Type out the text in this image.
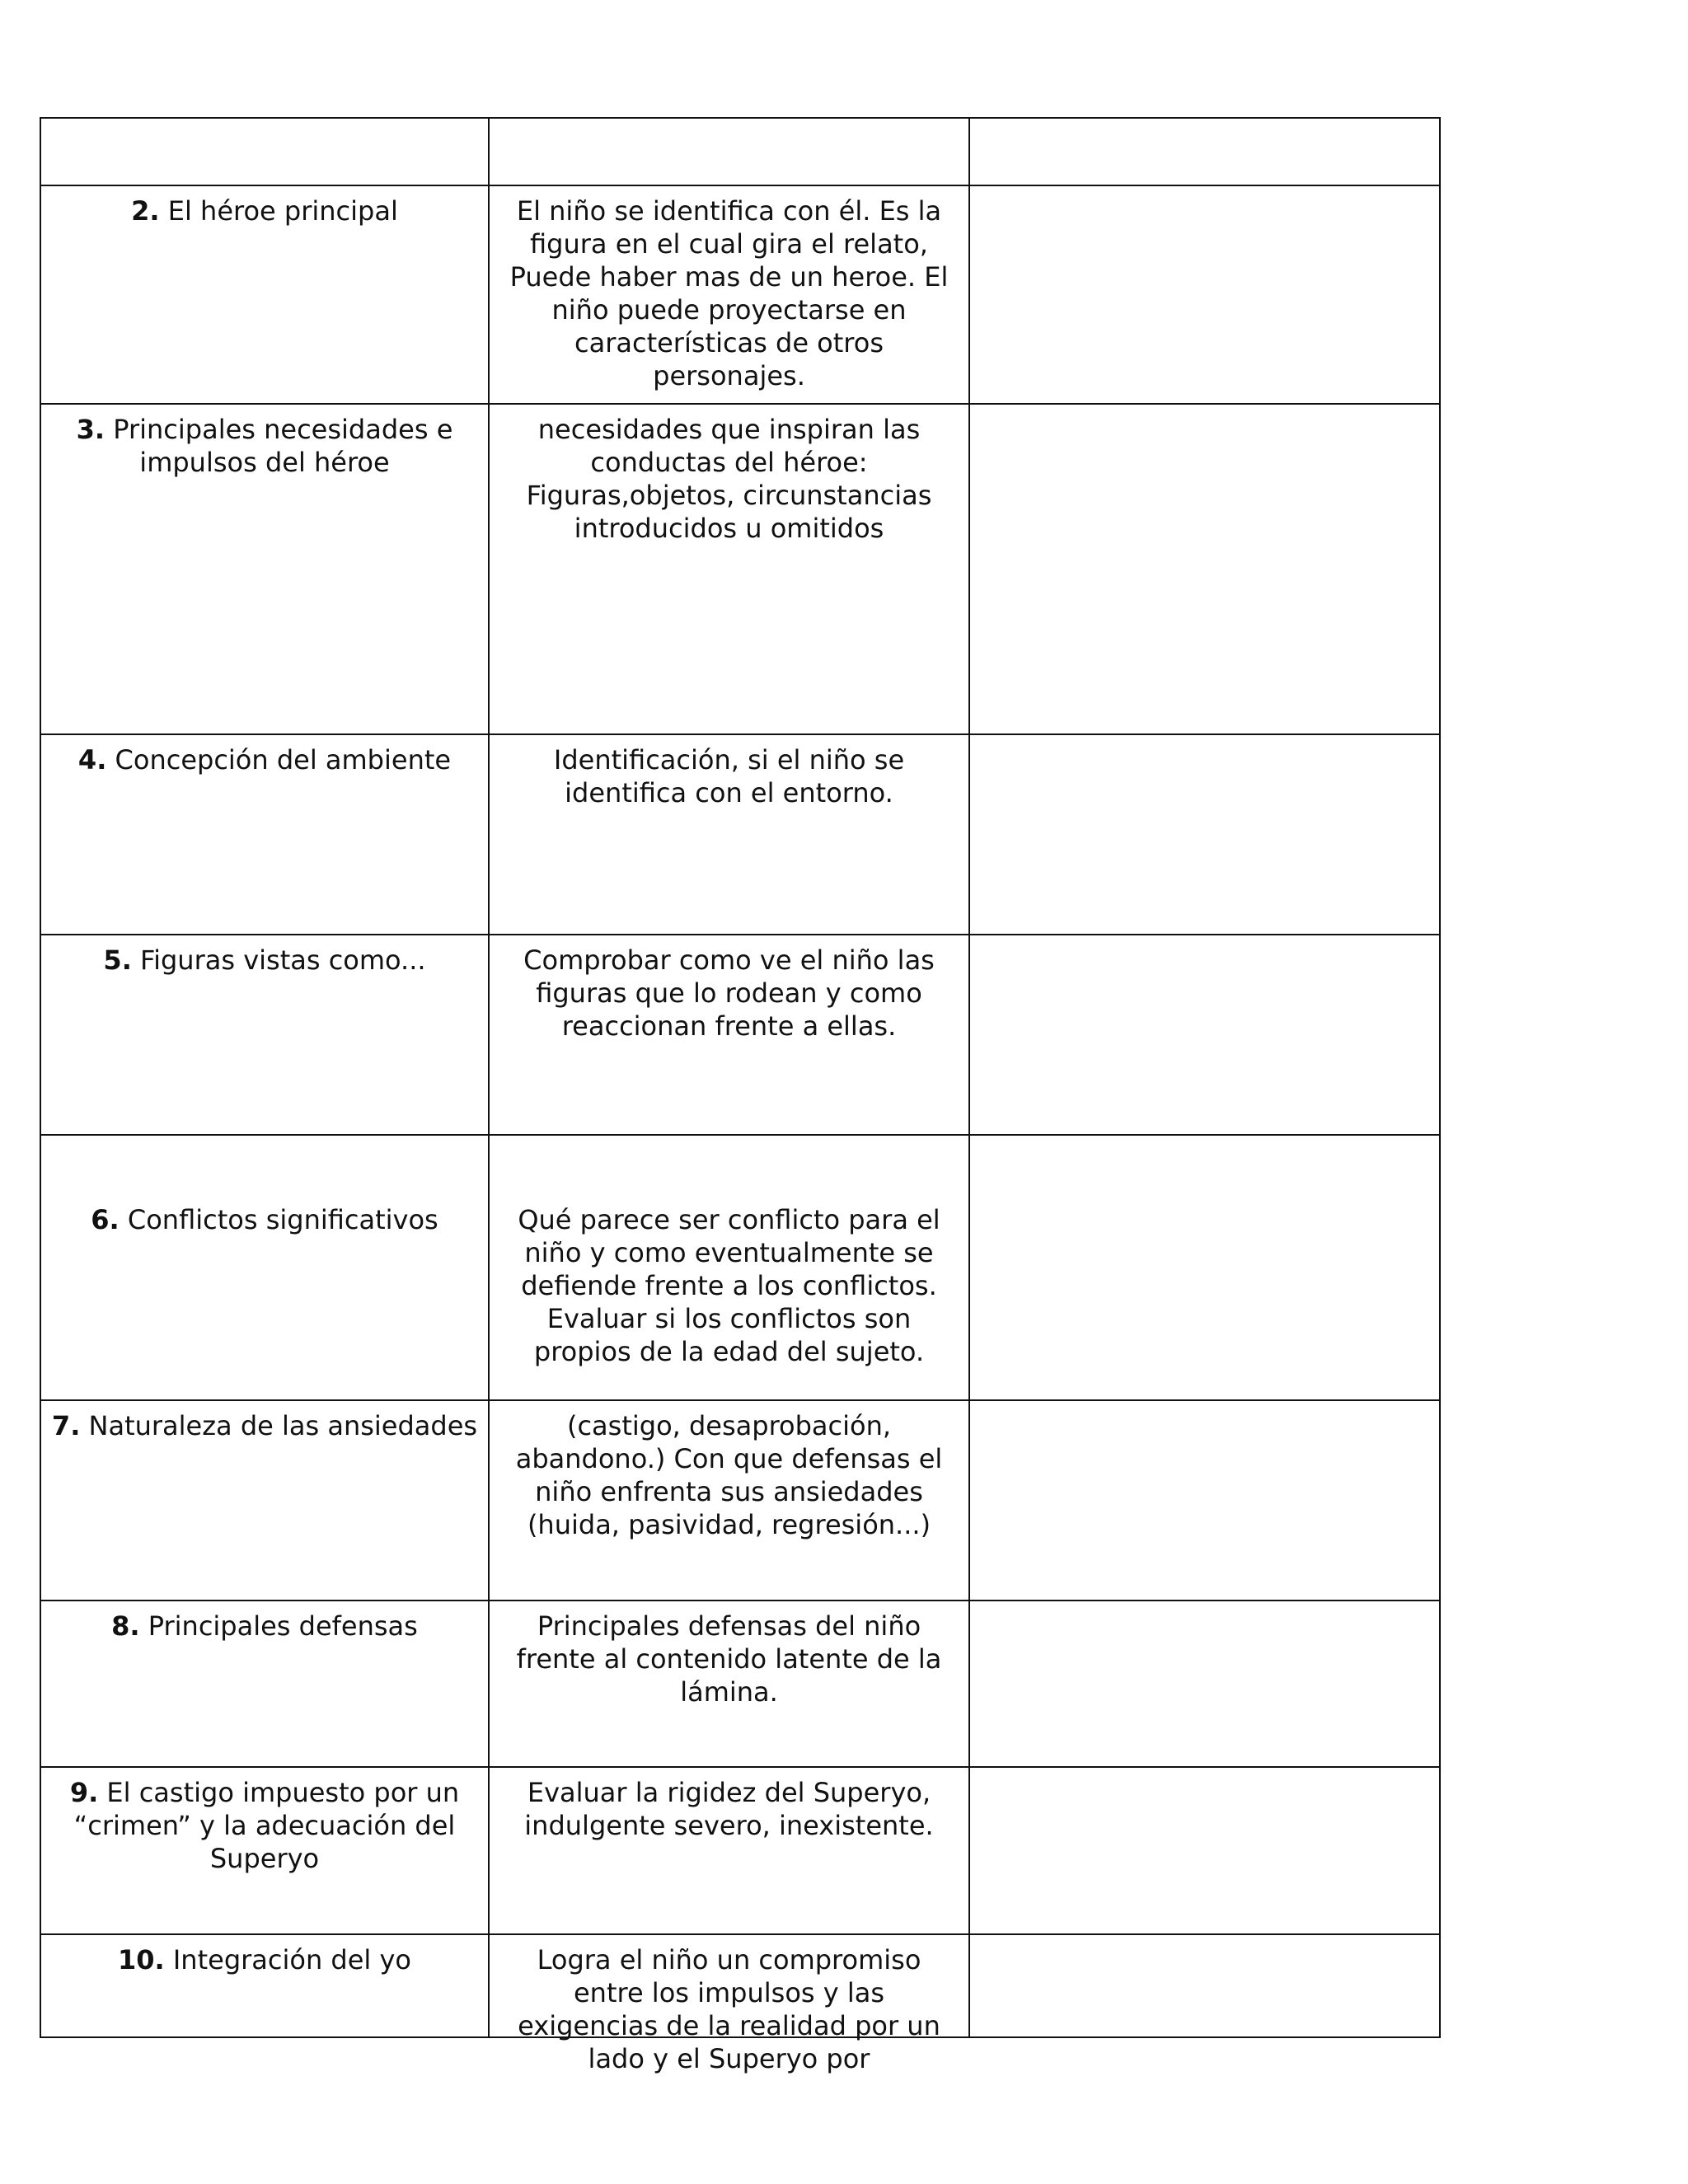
2. El héroe principal	El niño se identifica con él. Es la figura en el cual gira el relato, Puede haber mas de un heroe. El niño puede proyectarse en características de otros personajes.	
3. Principales necesidades e impulsos del héroe	necesidades que inspiran las conductas del héroe: Figuras,objetos, circunstancias introducidos u omitidos	
4. Concepción del ambiente	Identificación, si el niño se identifica con el entorno.	
5. Figuras vistas como...	Comprobar como ve el niño las figuras que lo rodean y como reaccionan frente a ellas.	
6. Conflictos significativos	Qué parece ser conflicto para el niño y como eventualmente se defiende frente a los conflictos. Evaluar si los conflictos son propios de la edad del sujeto.	
7. Naturaleza de las ansiedades	(castigo, desaprobación, abandono.) Con que defensas el niño enfrenta sus ansiedades (huida, pasividad, regresión...)	
8. Principales defensas	Principales defensas del niño frente al contenido latente de la lámina.	
9. El castigo impuesto por un “crimen” y la adecuación del Superyo	Evaluar la rigidez del Superyo, indulgente severo, inexistente.	
10. Integración del yo	Logra el niño un compromiso entre los impulsos y las exigencias de la realidad por un lado y el Superyo por	
